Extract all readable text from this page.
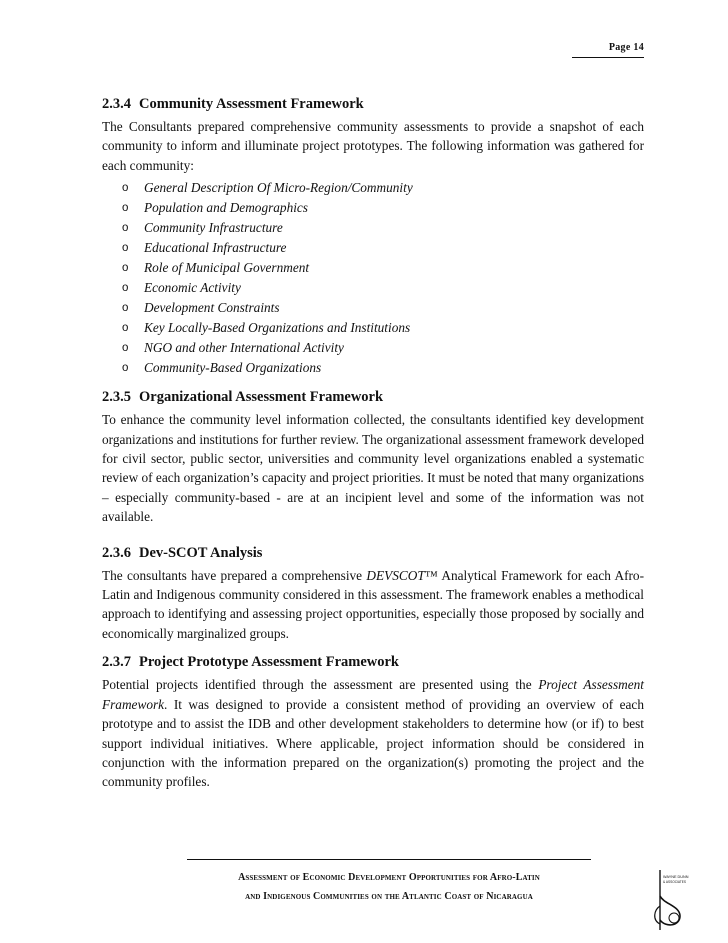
Page 14
2.3.4 Community Assessment Framework

The Consultants prepared comprehensive community assessments to provide a snapshot of each community to inform and illuminate project prototypes. The following information was gathered for each community:

o	General Description Of Micro-Region/Community
o	Population and Demographics
o	Community Infrastructure
o	Educational Infrastructure
o	Role of Municipal Government
o	Economic Activity
o	Development Constraints
o	Key Locally-Based Organizations and Institutions
o	NGO and other International Activity
o	Community-Based Organizations
2.3.5 Organizational Assessment Framework

To enhance the community level information collected, the consultants identified key development organizations and institutions for further review. The organizational assessment framework developed for civil sector, public sector, universities and community level organizations enabled a systematic review of each organization’s capacity and project priorities. It must be noted that many organizations – especially community-based - are at an incipient level and some of the information was not available.

2.3.6 Dev-SCOT Analysis

The consultants have prepared a comprehensive DEVSCOT™ Analytical Framework for each Afro-Latin and Indigenous community considered in this assessment. The framework enables a methodical approach to identifying and assessing project opportunities, especially those proposed by socially and economically marginalized groups.

2.3.7 Project Prototype Assessment Framework

Potential projects identified through the assessment are presented using the Project Assessment Framework. It was designed to provide a consistent method of providing an overview of each prototype and to assist the IDB and other development stakeholders to determine how (or if) to best support individual initiatives. Where applicable, project information should be considered in conjunction with the information prepared on the organization(s) promoting the project and the community profiles.

Assessment of Economic Development Opportunities for Afro-Latin
and Indigenous Communities on the Atlantic Coast of Nicaragua
WAYNE DUNN
& ASSOCIATES
